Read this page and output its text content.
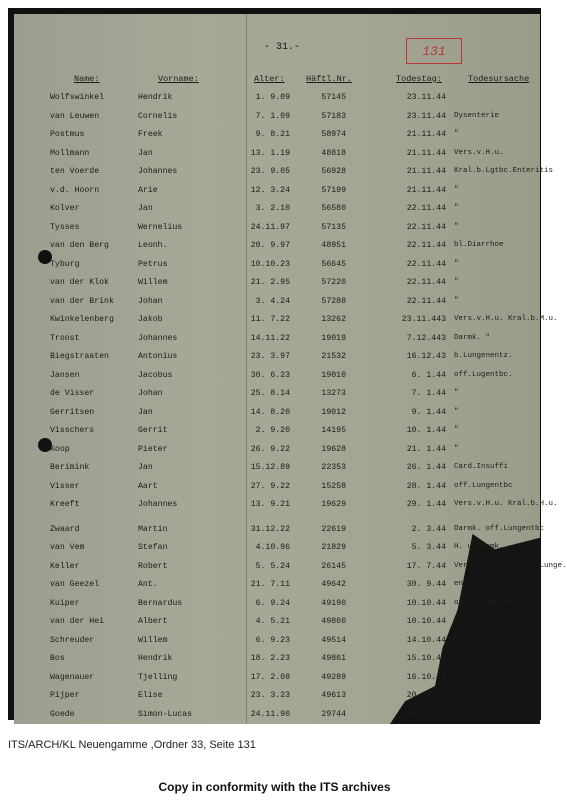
- 31.-	131
Name:	Vorname:	Alter:	Häftl.Nr.	Todestag:	Todesursache
Wolfswinkel	Hendrik	1. 9.09	57145	23.11.44
van Leuwen	Cornelis	7. 1.09	57183	23.11.44 Dysenterie
Postmus	Freek	9. 8.21	58974	21.11.44 "
Mollmann	Jan	13. 1.19	48818	21.11.44 Vers.v.H.u.
ten Voerde	Johannes	23. 9.05	56928	21.11.44 Kral.b.Lgtbc.Enteritis
v.d. Hoorn	Arie	12. 3.24	57199	21.11.44 "
Kolver	Jan	3. 2.10	56580	22.11.44 "
Tysses	Wernelius	24.11.97	57135	22.11.44 "
van den Berg	Leonh.	20. 9.97	48951	22.11.44 bl.Diarrhoe
Tyburg	Petrus	10.10.23	56645	22.11.44 "
van der Klok	Willem	21. 2.95	57220	22.11.44 "
van der Brink	Johan	3. 4.24	57288	22.11.44 "
Kwinkelenberg	Jakob	11. 7.22	13262	23.11.443 Vers.v.H.u. Kral.b.M.u.
Troost	Johannes	14.11.22	19019	7.12.443 Darmk. "
Biegstraaten	Antonius	23. 3.97	21532	16.12.43 b.Lungenentz.
Jansen	Jacobus	30. 6.23	19010	6. 1.44 off.Lugentbc.
de Visser	Johan	25. 8.14	13273	7. 1.44 "
Gerritsen	Jan	14. 8.20	19012	9. 1.44 "
Visschers	Gerrit	2. 9.20	14195	10. 1.44 "
Koop	Pieter	26. 9.22	19628	21. 1.44 "
Berimink	Jan	15.12.89	22353	26. 1.44 Card.Insuffi
Visser	Aart	27. 9.22	15258	28. 1.44 off.Lungentbc
Kreeft	Johannes	13. 9.21	19629	29. 1.44 Vers.v.H.u. Kral.b.H.u.
Zwaard	Martin	31.12.22	22619	2. 3.44 Darmk. off.Lungentbc
van Vem	Stefan	4.10.96	21829	5. 3.44 H. u.Darmk.
Keller	Robert	5. 5.24	26145	17. 7.44 Vers.v.H.u. Kral.b.Lunge.
van Geezel	Ant.	21. 7.11	49642	30. 9.44 entzündung
Kuiper	Bernardus	6. 9.24	49190	10.10.44 off.Lungentbc
van der Hei	Albert	4. 5.21	49860	10.10.44 Vers.v.H.u. Kral.b.
Schreuder	Willem	6. 9.23	49514	14.10.44 Brust. Off.
Bos	Hendrik	18. 2.23	49861	15.10.44
Wagenauer	Tjelling	17. 2.08	49289	16.10.44
Pijper	Elise	23. 3.23	49613	20.10.44
Goede	Simon-Lucas	24.11.90	29744	20.11.44
ITS/ARCH/KL Neuengamme ,Ordner 33, Seite 131
Copy in conformity with the ITS archives
